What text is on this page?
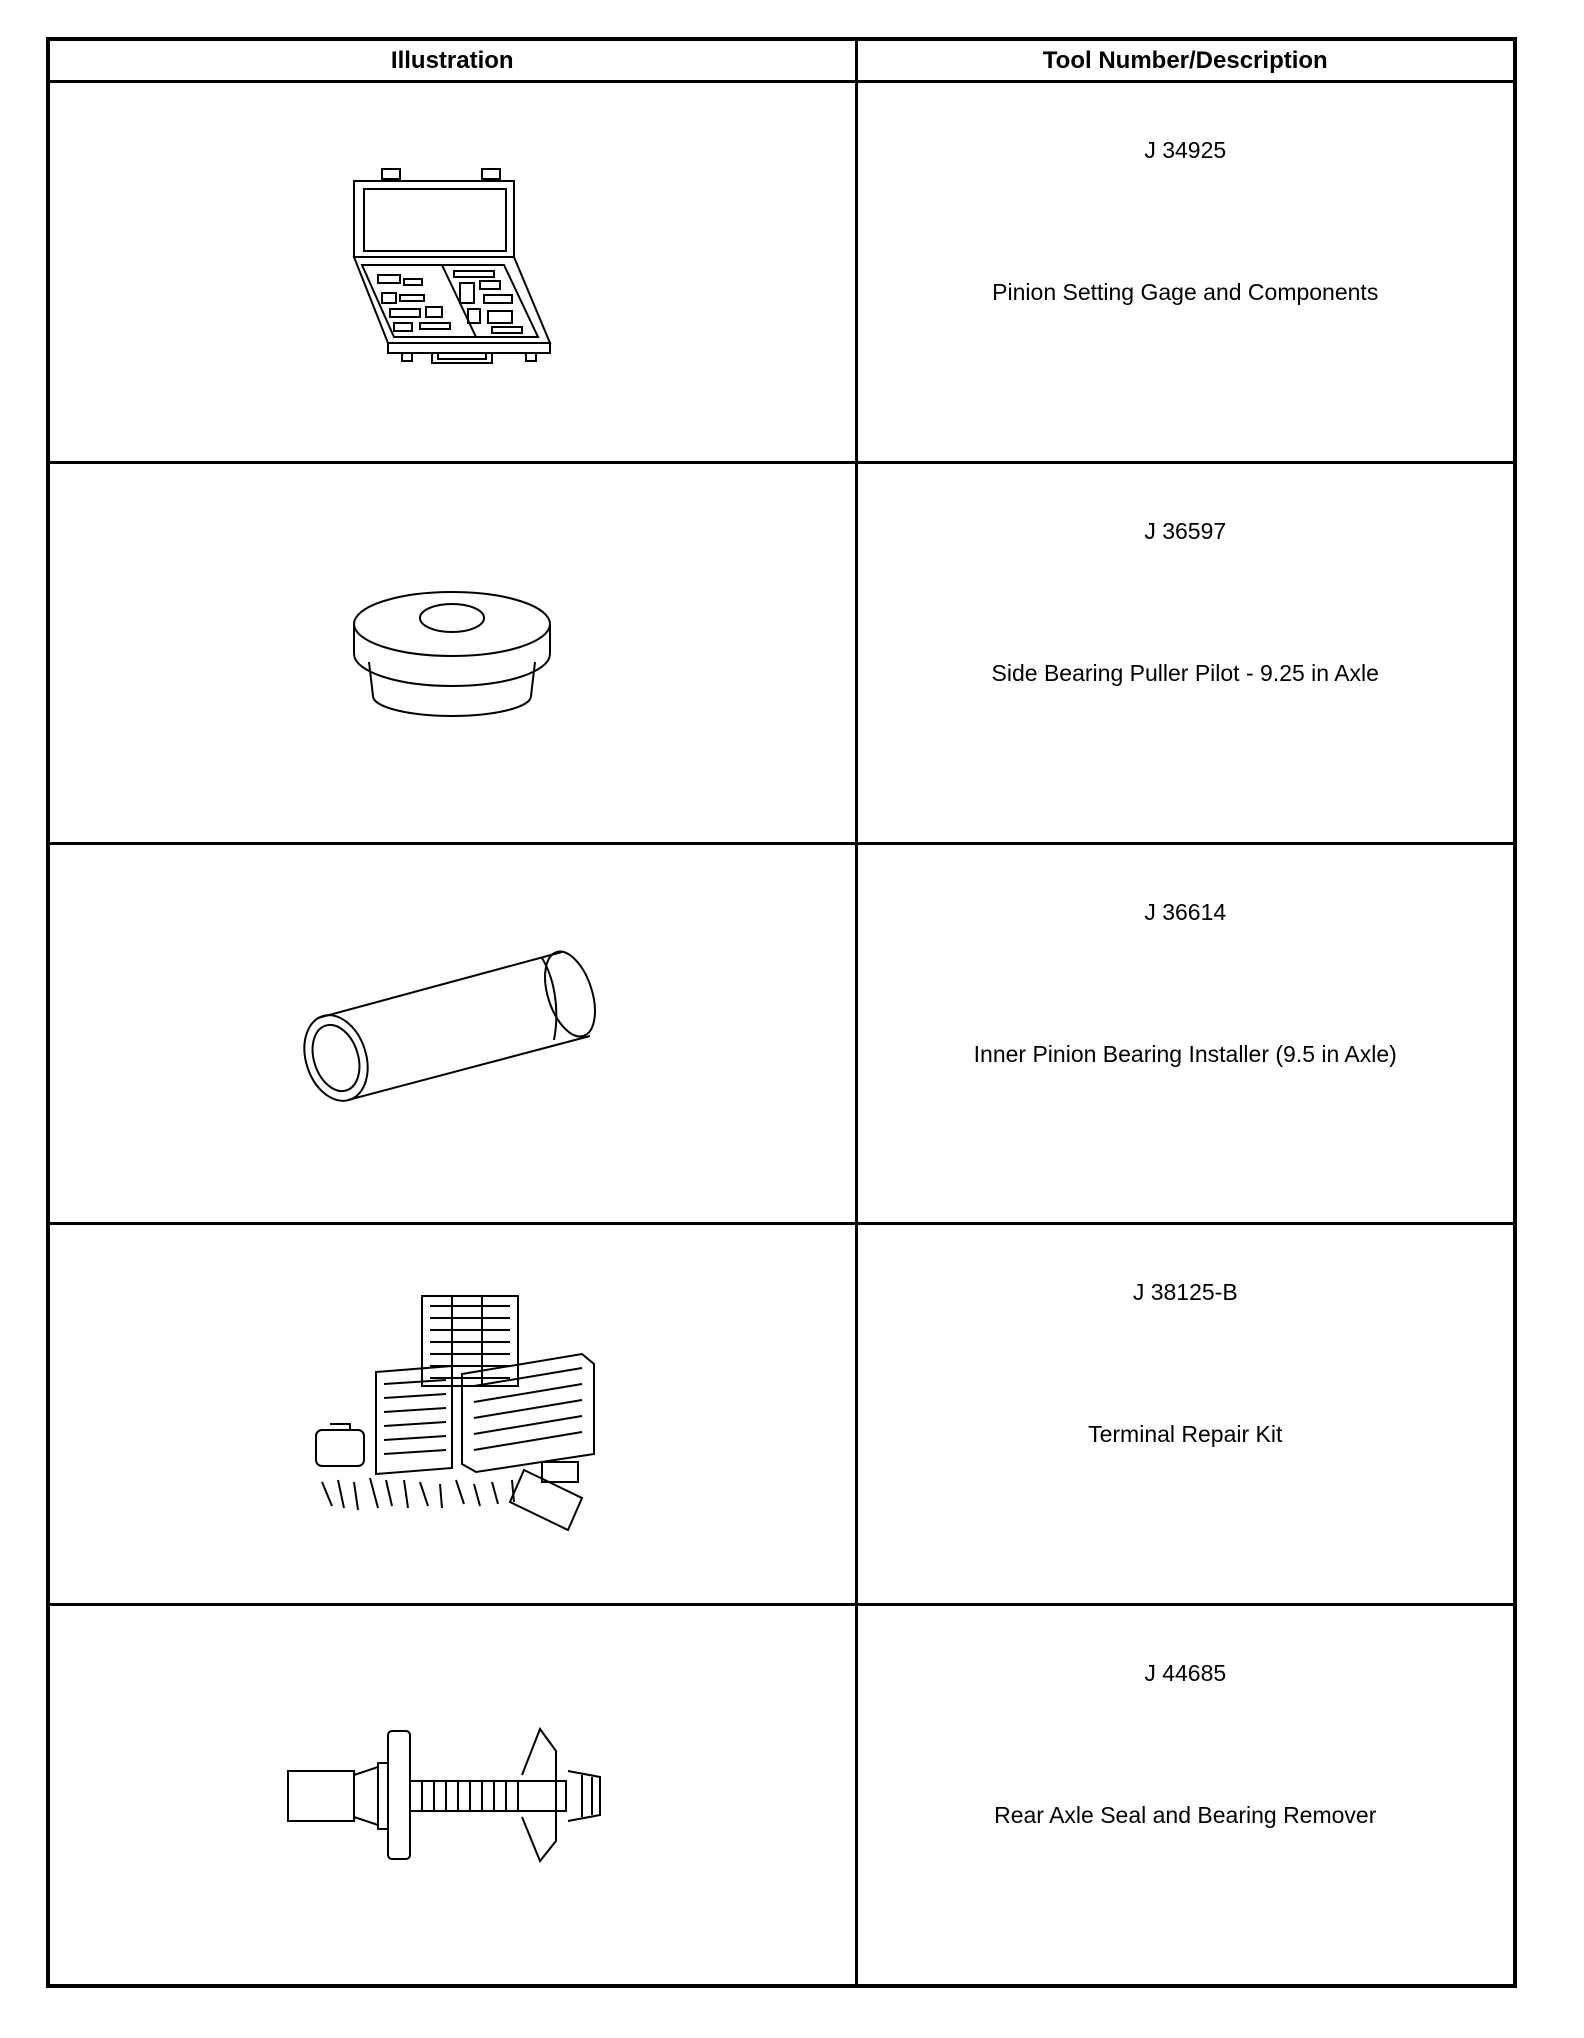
Illustration	Tool Number/Description

J 34925
Pinion Setting Gage and Components

J 36597
Side Bearing Puller Pilot - 9.25 in Axle

J 36614
Inner Pinion Bearing Installer (9.5 in Axle)

J 38125-B
Terminal Repair Kit

J 44685
Rear Axle Seal and Bearing Remover
